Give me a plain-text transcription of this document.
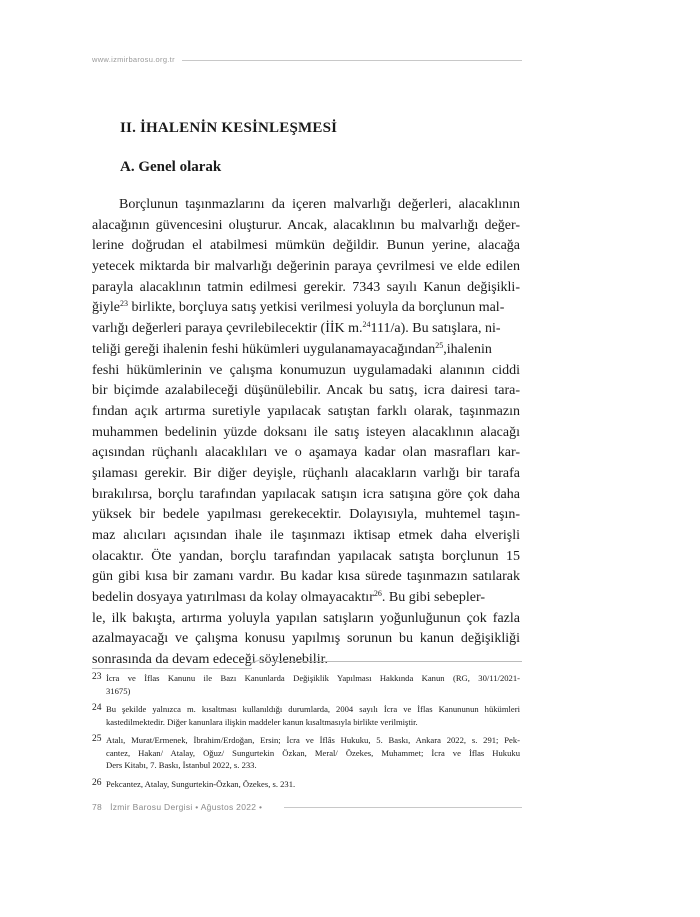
www.izmirbarosu.org.tr
II. İHALENİN KESİNLEŞMESİ
A. Genel olarak
Borçlunun taşınmazlarını da içeren malvarlığı değerleri, alacaklının
alacağının güvencesini oluşturur. Ancak, alacaklının bu malvarlığı değer-
lerine doğrudan el atabilmesi mümkün değildir. Bunun yerine, alacağa
yetecek miktarda bir malvarlığı değerinin paraya çevrilmesi ve elde edilen
parayla alacaklının tatmin edilmesi gerekir. 7343 sayılı Kanun değişikli-
ğiyle$^{23}$ birlikte, borçluya satış yetkisi verilmesi yoluyla da borçlunun mal-
varlığı değerleri paraya çevrilebilecektir (İİK m.$^{24}$111/a). Bu satışlara, ni-
teliği gereği ihalenin feshi hükümleri uygulanamayacağından$^{25}$,ihalenin
feshi hükümlerinin ve çalışma konumuzun uygulamadaki alanının ciddi
bir biçimde azalabileceği düşünülebilir. Ancak bu satış, icra dairesi tara-
fından açık artırma suretiyle yapılacak satıştan farklı olarak, taşınmazın
muhammen bedelinin yüzde doksanı ile satış isteyen alacaklının alacağı
açısından rüçhanlı alacaklıları ve o aşamaya kadar olan masrafları kar-
şılaması gerekir. Bir diğer deyişle, rüçhanlı alacakların varlığı bir tarafa
bırakılırsa, borçlu tarafından yapılacak satışın icra satışına göre çok daha
yüksek bir bedele yapılması gerekecektir. Dolayısıyla, muhtemel taşın-
maz alıcıları açısından ihale ile taşınmazı iktisap etmek daha elverişli
olacaktır. Öte yandan, borçlu tarafından yapılacak satışta borçlunun 15
gün gibi kısa bir zamanı vardır. Bu kadar kısa sürede taşınmazın satılarak
bedelin dosyaya yatırılması da kolay olmayacaktır$^{26}$. Bu gibi sebepler-
le, ilk bakışta, artırma yoluyla yapılan satışların yoğunluğunun çok fazla
azalmayacağı ve çalışma konusu yapılmış sorunun bu kanun değişikliği
sonrasında da devam edeceği söylenebilir.
23 İcra ve İflas Kanunu ile Bazı Kanunlarda Değişiklik Yapılması Hakkında Kanun (RG, 30/11/2021-
31675)
24 Bu şekilde yalnızca m. kısaltması kullanıldığı durumlarda, 2004 sayılı İcra ve İflas Kanununun hükümleri
kastedilmektedir. Diğer kanunlara ilişkin maddeler kanun kısaltmasıyla birlikte verilmiştir.
25 Atalı, Murat/Ermenek, İbrahim/Erdoğan, Ersin; İcra ve İflâs Hukuku, 5. Baskı, Ankara 2022, s. 291; Pek-
cantez, Hakan/ Atalay, Oğuz/ Sungurtekin Özkan, Meral/ Özekes, Muhammet; İcra ve İflas Hukuku
Ders Kitabı, 7. Baskı, İstanbul 2022, s. 233.
26 Pekcantez, Atalay, Sungurtekin-Özkan, Özekes, s. 231.
78 İzmir Barosu Dergisi • Ağustos 2022 •
